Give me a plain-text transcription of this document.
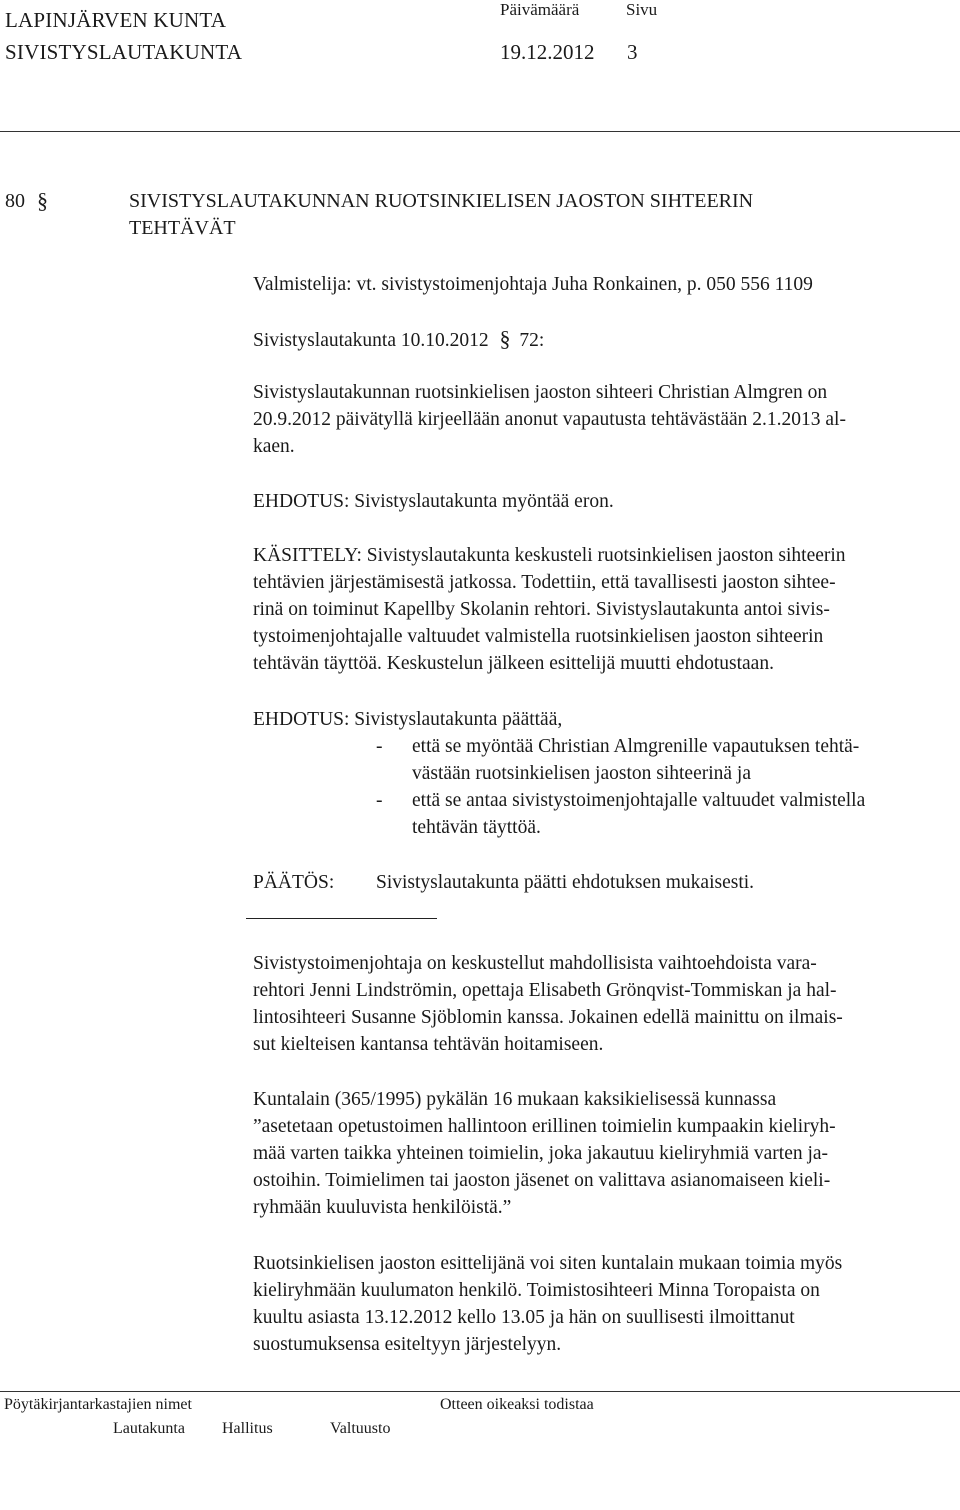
LAPINJÄRVEN KUNTA
SIVISTYSLAUTAKUNTA
Päivämäärä	Sivu
19.12.2012 3
80 §	SIVISTYSLAUTAKUNNAN RUOTSINKIELISEN JAOSTON SIHTEERIN
TEHTÄVÄT
Valmistelija: vt. sivistystoimenjohtaja Juha Ronkainen, p. 050 556 1109
Sivistyslautakunta 10.10.2012 § 72:
Sivistyslautakunnan ruotsinkielisen jaoston sihteeri Christian Almgren on
20.9.2012 päivätyllä kirjeellään anonut vapautusta tehtävästään 2.1.2013 al-
kaen.
EHDOTUS: Sivistyslautakunta myöntää eron.
KÄSITTELY: Sivistyslautakunta keskusteli ruotsinkielisen jaoston sihteerin
tehtävien järjestämisestä jatkossa. Todettiin, että tavallisesti jaoston sihtee-
rinä on toiminut Kapellby Skolanin rehtori. Sivistyslautakunta antoi sivis-
tystoimenjohtajalle valtuudet valmistella ruotsinkielisen jaoston sihteerin
tehtävän täyttöä. Keskustelun jälkeen esittelijä muutti ehdotustaan.
EHDOTUS: Sivistyslautakunta päättää,
- että se myöntää Christian Almgrenille vapautuksen tehtä-
västään ruotsinkielisen jaoston sihteerinä ja
- että se antaa sivistystoimenjohtajalle valtuudet valmistella
tehtävän täyttöä.
PÄÄTÖS: Sivistyslautakunta päätti ehdotuksen mukaisesti.
Sivistystoimenjohtaja on keskustellut mahdollisista vaihtoehdoista vara-
rehtori Jenni Lindströmin, opettaja Elisabeth Grönqvist-Tommiskan ja hal-
lintosihteeri Susanne Sjöblomin kanssa. Jokainen edellä mainittu on ilmais-
sut kielteisen kantansa tehtävän hoitamiseen.
Kuntalain (365/1995) pykälän 16 mukaan kaksikielisessä kunnassa
”asetetaan opetustoimen hallintoon erillinen toimielin kumpaakin kieliryh-
mää varten taikka yhteinen toimielin, joka jakautuu kieliryhmiä varten ja-
ostoihin. Toimielimen tai jaoston jäsenet on valittava asianomaiseen kieli-
ryhmään kuuluvista henkilöistä.”
Ruotsinkielisen jaoston esittelijänä voi siten kuntalain mukaan toimia myös
kieliryhmään kuulumaton henkilö. Toimistosihteeri Minna Toropaista on
kuultu asiasta 13.12.2012 kello 13.05 ja hän on suullisesti ilmoittanut
suostumuksensa esiteltyyn järjestelyyn.
Pöytäkirjantarkastajien nimet	Otteen oikeaksi todistaa
Lautakunta Hallitus	Valtuusto
